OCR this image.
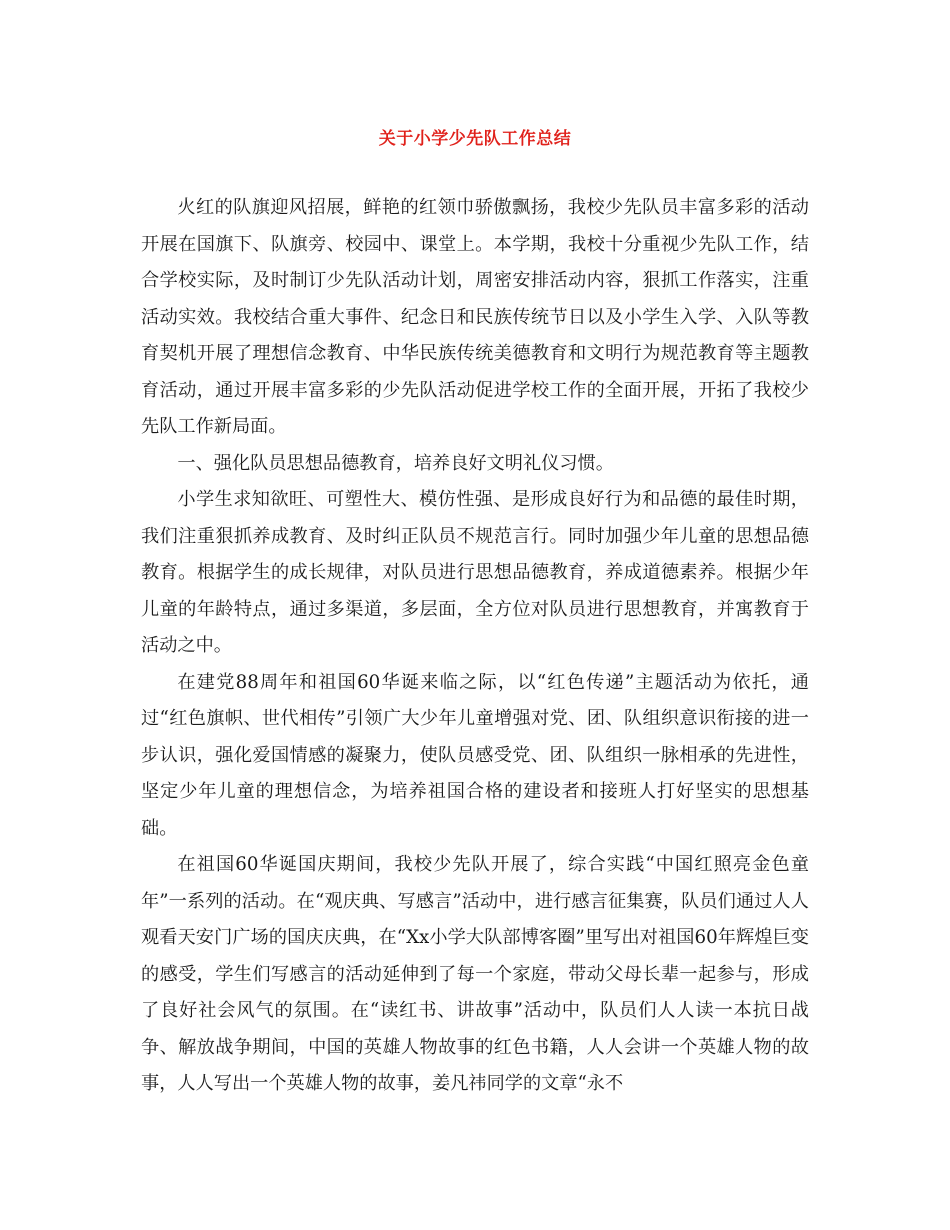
关于小学少先队工作总结

火红的队旗迎风招展，鲜艳的红领巾骄傲飘扬，我校少先队员丰富多彩的活动开展在国旗下、队旗旁、校园中、课堂上。本学期，我校十分重视少先队工作，结合学校实际，及时制订少先队活动计划，周密安排活动内容，狠抓工作落实，注重活动实效。我校结合重大事件、纪念日和民族传统节日以及小学生入学、入队等教育契机开展了理想信念教育、中华民族传统美德教育和文明行为规范教育等主题教育活动，通过开展丰富多彩的少先队活动促进学校工作的全面开展，开拓了我校少先队工作新局面。

一、强化队员思想品德教育，培养良好文明礼仪习惯。

小学生求知欲旺、可塑性大、模仿性强、是形成良好行为和品德的最佳时期，我们注重狠抓养成教育、及时纠正队员不规范言行。同时加强少年儿童的思想品德教育。根据学生的成长规律，对队员进行思想品德教育，养成道德素养。根据少年儿童的年龄特点，通过多渠道，多层面，全方位对队员进行思想教育，并寓教育于活动之中。

在建党88周年和祖国60华诞来临之际，以“红色传递”主题活动为依托，通过“红色旗帜、世代相传”引领广大少年儿童增强对党、团、队组织意识衔接的进一步认识，强化爱国情感的凝聚力，使队员感受党、团、队组织一脉相承的先进性，坚定少年儿童的理想信念，为培养祖国合格的建设者和接班人打好坚实的思想基础。

在祖国60华诞国庆期间，我校少先队开展了，综合实践“中国红照亮金色童年”一系列的活动。在“观庆典、写感言”活动中，进行感言征集赛，队员们通过人人观看天安门广场的国庆庆典，在“Xx小学大队部博客圈”里写出对祖国60年辉煌巨变的感受，学生们写感言的活动延伸到了每一个家庭，带动父母长辈一起参与，形成了良好社会风气的氛围。在“读红书、讲故事”活动中，队员们人人读一本抗日战争、解放战争期间，中国的英雄人物故事的红色书籍，人人会讲一个英雄人物的故事，人人写出一个英雄人物的故事，姜凡祎同学的文章“永不
